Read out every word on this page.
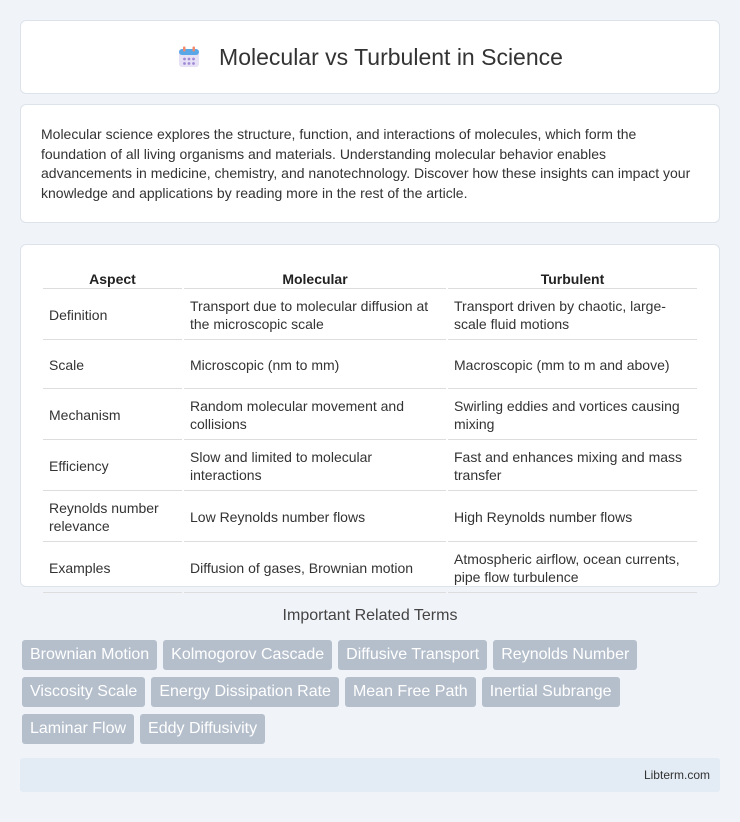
Molecular vs Turbulent in Science

Molecular science explores the structure, function, and interactions of molecules, which form the foundation of all living organisms and materials. Understanding molecular behavior enables advancements in medicine, chemistry, and nanotechnology. Discover how these insights can impact your knowledge and applications by reading more in the rest of the article.

Aspect	Molecular	Turbulent
Definition	Transport due to molecular diffusion at the microscopic scale	Transport driven by chaotic, large-scale fluid motions
Scale	Microscopic (nm to mm)	Macroscopic (mm to m and above)
Mechanism	Random molecular movement and collisions	Swirling eddies and vortices causing mixing
Efficiency	Slow and limited to molecular interactions	Fast and enhances mixing and mass transfer
Reynolds number relevance	Low Reynolds number flows	High Reynolds number flows
Examples	Diffusion of gases, Brownian motion	Atmospheric airflow, ocean currents, pipe flow turbulence
Important Related Terms
Brownian Motion	Kolmogorov Cascade	Diffusive Transport	Reynolds Number
Viscosity Scale	Energy Dissipation Rate	Mean Free Path	Inertial Subrange
Laminar Flow	Eddy Diffusivity
Libterm.com
